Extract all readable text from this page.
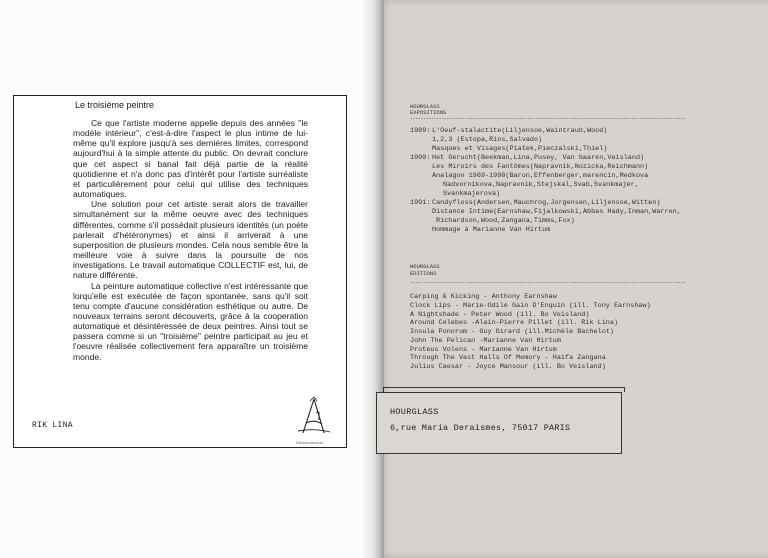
Le troisième peintre

Ce que l'artiste moderne appelle depuis des années "le modèle intérieur", c'est-à-dire l'aspect le plus intime de lui-même qu'il explore jusqu'à ses dernières limites, correspond aujourd'hui à la simple attente du public. On devrait conclure que cet aspect si banal fait déjà partie de la réalité quotidienne et n'a donc pas d'intérêt pour l'artiste surréaliste et particulièrement pour celui qui utilise des techniques automatiques.

Une solution pour cet artiste serait alors de travailler simultanément sur la même oeuvre avec des techniques différentes, comme s'il possèdait plusieurs identités (un poète parlerait d'hétéronymes) et ainsi il arriverait à une superposition de plusieurs mondes. Cela nous semble être la meilleure voie à suivre dans la poursuite de nos investigations. Le travail automatique COLLECTIF est, lui, de nature différente.

La peinture automatique collective n'est intéressante que lorqu'elle est exécutée de façon spontanée, sans qu'il soit tenu compte d'aucune considération esthétique ou autre. De nouveaux terrains seront découverts, grâce à la cooperation automatique et désintéressée de deux peintres. Ainsi tout se passera comme si un "troisième" peintre participait au jeu et l'oeuvre réalisée collectivement fera apparaître un troisième monde.

RIK LINA
Descendechoix
HOURGLASS
EXPOSITIONS
**********************************************************************************************************
1989: L'Oeuf-stalactite(Liljensoe,Waintraub,Wood)
1,2,3 (Estopa,Rios,Salvado)
Masques et Visages(Piatek,Pieczalski,Thiel)
1990: Het Gerucht(Beekman,Lina,Pusey, Van baaren,Veisland)
Les Miroirs des Fantômes(Napravnik,Nozicka,Reichmann)
Analagon 1969-1990(Baron,Effenberger,marencin,Medkova
Nadvornikova,Napravnik,Stejskal,Svab,Svankmajer,
Svankmajerova)
1991: Candyfloss(Andersen,Mauchrog,Jorgensen,Liljensoe,Witten)
Distance Intime(Earnshaw,Fijalkowski,Abbas Hady,Inman,Warren,
Richardson,Wood,Zangana,Timms,Fox)
Hommage à Marianne Van Hirtum
HOURGLASS
EDITIONS
**********************************************************************************************************
Carping & Kicking - Anthony Earnshaw
Clock Lips - Marie-Odile Gain D'Enquin (ill. Tony Earnshaw)
A Nightshade - Peter Wood (ill. Bo Veisland)
Around Celebes -Alain-Pierre Pillet (ill. Rik Lina)
Insula Ponorum - Guy Girard (ill.Michèle Bachelot)
John The Pelican -Marianne Van Hirtum
Proteus Volens - Marianne Van Hirtum
Through The Vast Halls Of Memory - Haifa Zangana
Julius Caesar - Joyce Mansour (ill. Bo Veisland)
HOURGLASS
6,rue Maria Deraismes, 75017 PARIS
